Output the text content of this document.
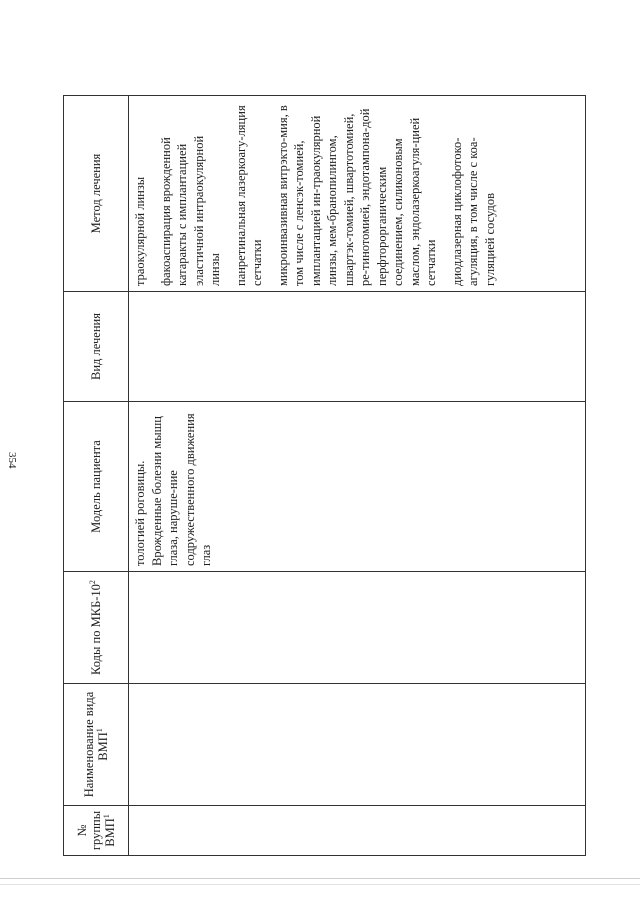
354
№ группы ВМП$^1$	Наименование вида ВМП$^1$	Коды по МКБ-$10^2$	Модель пациента	Вид лечения	Метод лечения
			тологией роговицы. Врожденные болезни мышц глаза, наруше-ние содружественного движения глаз		траокулярной линзы факоаспирация врожденной катаракты с имплантацией эластичной интраокулярной линзы панретинальная лазеркоагу-ляция сетчатки микроинвазивная витрэкто-мия, в том числе с ленсэк-томией, имплантацией ин-траокулярной линзы, мем-бранопилингом, швартэк-томией, швартотомией, ре-тинотомией, эндотампона-дой перфторорганическим соединением, силиконовым маслом, эндолазеркоагуля-цией сетчатки диодлазерная циклофотоко-агуляция, в том числе с коа-гуляцией сосудов
